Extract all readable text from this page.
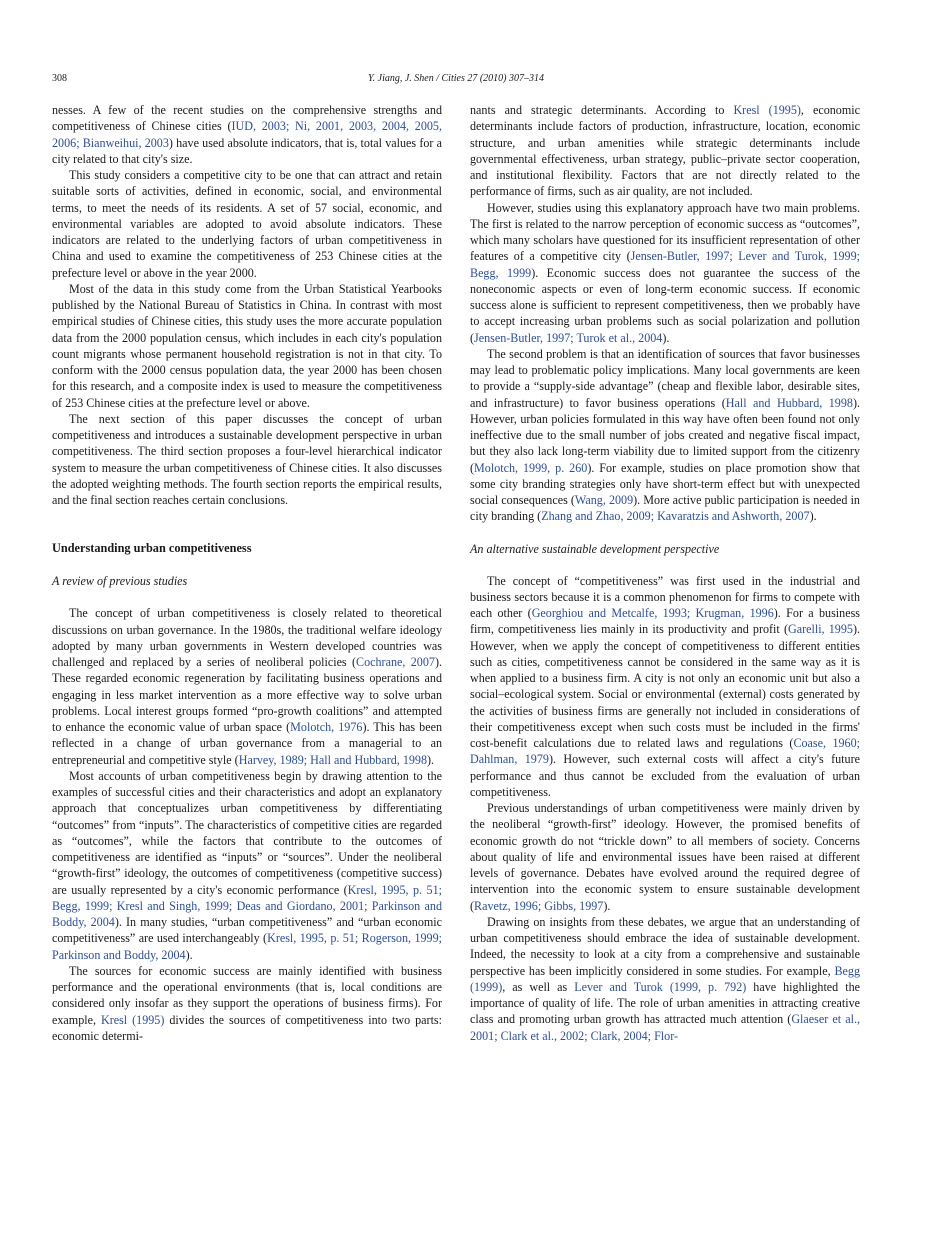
308	Y. Jiang, J. Shen / Cities 27 (2010) 307–314

nesses. A few of the recent studies on the comprehensive strengths and competitiveness of Chinese cities (IUD, 2003; Ni, 2001, 2003, 2004, 2005, 2006; Bianweihui, 2003) have used absolute indicators, that is, total values for a city related to that city's size.

This study considers a competitive city to be one that can attract and retain suitable sorts of activities, defined in economic, social, and environmental terms, to meet the needs of its residents. A set of 57 social, economic, and environmental variables are adopted to avoid absolute indicators. These indicators are related to the underlying factors of urban competitiveness in China and used to examine the competitiveness of 253 Chinese cities at the prefecture level or above in the year 2000.

Most of the data in this study come from the Urban Statistical Yearbooks published by the National Bureau of Statistics in China. In contrast with most empirical studies of Chinese cities, this study uses the more accurate population data from the 2000 population census, which includes in each city's population count migrants whose permanent household registration is not in that city. To conform with the 2000 census population data, the year 2000 has been chosen for this research, and a composite index is used to measure the competitiveness of 253 Chinese cities at the prefecture level or above.

The next section of this paper discusses the concept of urban competitiveness and introduces a sustainable development perspective in urban competitiveness. The third section proposes a four-level hierarchical indicator system to measure the urban competitiveness of Chinese cities. It also discusses the adopted weighting methods. The fourth section reports the empirical results, and the final section reaches certain conclusions.

Understanding urban competitiveness
A review of previous studies

The concept of urban competitiveness is closely related to theoretical discussions on urban governance. In the 1980s, the traditional welfare ideology adopted by many urban governments in Western developed countries was challenged and replaced by a series of neoliberal policies (Cochrane, 2007). These regarded economic regeneration by facilitating business operations and engaging in less market intervention as a more effective way to solve urban problems. Local interest groups formed “pro-growth coalitions” and attempted to enhance the economic value of urban space (Molotch, 1976). This has been reflected in a change of urban governance from a managerial to an entrepreneurial and competitive style (Harvey, 1989; Hall and Hubbard, 1998).

Most accounts of urban competitiveness begin by drawing attention to the examples of successful cities and their characteristics and adopt an explanatory approach that conceptualizes urban competitiveness by differentiating “outcomes” from “inputs”. The characteristics of competitive cities are regarded as “outcomes”, while the factors that contribute to the outcomes of competitiveness are identified as “inputs” or “sources”. Under the neoliberal “growth-first” ideology, the outcomes of competitiveness (competitive success) are usually represented by a city's economic performance (Kresl, 1995, p. 51; Begg, 1999; Kresl and Singh, 1999; Deas and Giordano, 2001; Parkinson and Boddy, 2004). In many studies, “urban competitiveness” and “urban economic competitiveness” are used interchangeably (Kresl, 1995, p. 51; Rogerson, 1999; Parkinson and Boddy, 2004).

The sources for economic success are mainly identified with business performance and the operational environments (that is, local conditions are considered only insofar as they support the operations of business firms). For example, Kresl (1995) divides the sources of competitiveness into two parts: economic determi-

nants and strategic determinants. According to Kresl (1995), economic determinants include factors of production, infrastructure, location, economic structure, and urban amenities while strategic determinants include governmental effectiveness, urban strategy, public–private sector cooperation, and institutional flexibility. Factors that are not directly related to the performance of firms, such as air quality, are not included.

However, studies using this explanatory approach have two main problems. The first is related to the narrow perception of economic success as “outcomes”, which many scholars have questioned for its insufficient representation of other features of a competitive city (Jensen-Butler, 1997; Lever and Turok, 1999; Begg, 1999). Economic success does not guarantee the success of the noneconomic aspects or even of long-term economic success. If economic success alone is sufficient to represent competitiveness, then we probably have to accept increasing urban problems such as social polarization and pollution (Jensen-Butler, 1997; Turok et al., 2004).

The second problem is that an identification of sources that favor businesses may lead to problematic policy implications. Many local governments are keen to provide a “supply-side advantage” (cheap and flexible labor, desirable sites, and infrastructure) to favor business operations (Hall and Hubbard, 1998). However, urban policies formulated in this way have often been found not only ineffective due to the small number of jobs created and negative fiscal impact, but they also lack long-term viability due to limited support from the citizenry (Molotch, 1999, p. 260). For example, studies on place promotion show that some city branding strategies only have short-term effect but with unexpected social consequences (Wang, 2009). More active public participation is needed in city branding (Zhang and Zhao, 2009; Kavaratzis and Ashworth, 2007).

An alternative sustainable development perspective

The concept of “competitiveness” was first used in the industrial and business sectors because it is a common phenomenon for firms to compete with each other (Georghiou and Metcalfe, 1993; Krugman, 1996). For a business firm, competitiveness lies mainly in its productivity and profit (Garelli, 1995). However, when we apply the concept of competitiveness to different entities such as cities, competitiveness cannot be considered in the same way as it is when applied to a business firm. A city is not only an economic unit but also a social–ecological system. Social or environmental (external) costs generated by the activities of business firms are generally not included in considerations of their competitiveness except when such costs must be included in the firms' cost-benefit calculations due to related laws and regulations (Coase, 1960; Dahlman, 1979). However, such external costs will affect a city's future performance and thus cannot be excluded from the evaluation of urban competitiveness.

Previous understandings of urban competitiveness were mainly driven by the neoliberal “growth-first” ideology. However, the promised benefits of economic growth do not “trickle down” to all members of society. Concerns about quality of life and environmental issues have been raised at different levels of governance. Debates have evolved around the required degree of intervention into the economic system to ensure sustainable development (Ravetz, 1996; Gibbs, 1997).

Drawing on insights from these debates, we argue that an understanding of urban competitiveness should embrace the idea of sustainable development. Indeed, the necessity to look at a city from a comprehensive and sustainable perspective has been implicitly considered in some studies. For example, Begg (1999), as well as Lever and Turok (1999, p. 792) have highlighted the importance of quality of life. The role of urban amenities in attracting creative class and promoting urban growth has attracted much attention (Glaeser et al., 2001; Clark et al., 2002; Clark, 2004; Flor-
